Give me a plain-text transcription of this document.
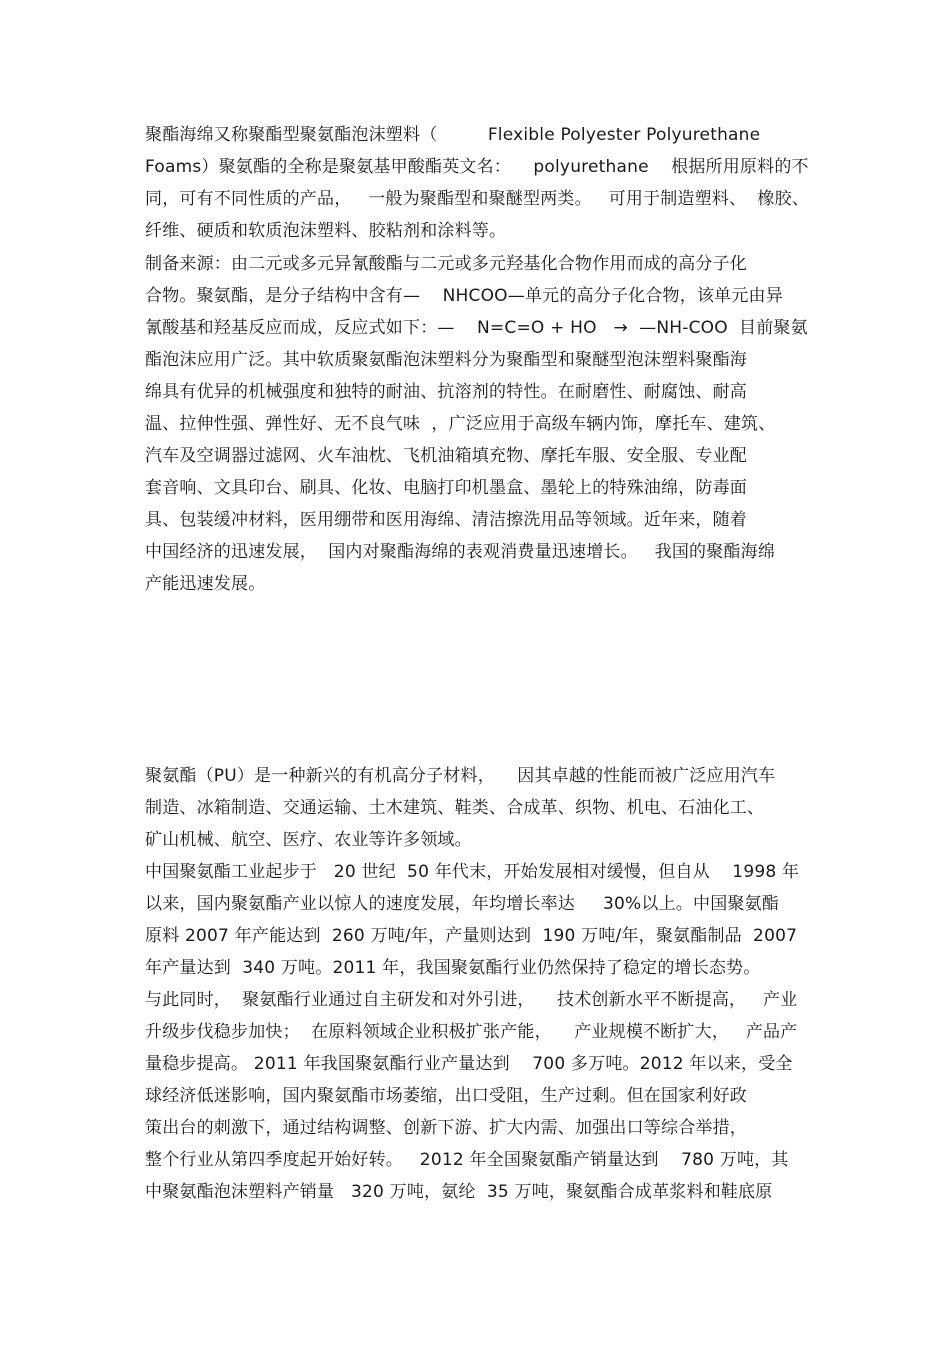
聚酯海绵又称聚酯型聚氨酯泡沫塑料（         Flexible Polyester Polyurethane
Foams）聚氨酯的全称是聚氨基甲酸酯英文名：    polyurethane    根据所用原料的不
同，可有不同性质的产品，   一般为聚酯型和聚醚型两类。   可用于制造塑料、  橡胶、
纤维、硬质和软质泡沫塑料、胶粘剂和涂料等。
制备来源：由二元或多元异氰酸酯与二元或多元羟基化合物作用而成的高分子化
合物。聚氨酯，是分子结构中含有—    NHCOO—单元的高分子化合物，该单元由异
氰酸基和羟基反应而成，反应式如下：—    N=C=O + HO   →  —NH-COO  目前聚氨
酯泡沫应用广泛。其中软质聚氨酯泡沫塑料分为聚酯型和聚醚型泡沫塑料聚酯海
绵具有优异的机械强度和独特的耐油、抗溶剂的特性。在耐磨性、耐腐蚀、耐高
温、拉伸性强、弹性好、无不良气味  ，广泛应用于高级车辆内饰，摩托车、建筑、
汽车及空调器过滤网、火车油枕、飞机油箱填充物、摩托车服、安全服、专业配
套音响、文具印台、刷具、化妆、电脑打印机墨盒、墨轮上的特殊油绵，防毒面
具、包装缓冲材料，医用绷带和医用海绵、清洁擦洗用品等领域。近年来，随着
中国经济的迅速发展，  国内对聚酯海绵的表观消费量迅速增长。   我国的聚酯海绵
产能迅速发展。
聚氨酯（PU）是一种新兴的有机高分子材料，    因其卓越的性能而被广泛应用汽车
制造、冰箱制造、交通运输、土木建筑、鞋类、合成革、织物、机电、石油化工、
矿山机械、航空、医疗、农业等许多领域。
中国聚氨酯工业起步于   20 世纪  50 年代末，开始发展相对缓慢，但自从    1998 年
以来，国内聚氨酯产业以惊人的速度发展，年均增长率达     30%以上。中国聚氨酯
原料 2007 年产能达到  260 万吨/年，产量则达到  190 万吨/年，聚氨酯制品  2007
年产量达到  340 万吨。2011 年，我国聚氨酯行业仍然保持了稳定的增长态势。
与此同时，  聚氨酯行业通过自主研发和对外引进，    技术创新水平不断提高，   产业
升级步伐稳步加快；  在原料领域企业积极扩张产能，    产业规模不断扩大，   产品产
量稳步提高。 2011 年我国聚氨酯行业产量达到    700 多万吨。2012 年以来，受全
球经济低迷影响，国内聚氨酯市场萎缩，出口受阻，生产过剩。但在国家利好政
策出台的刺激下，通过结构调整、创新下游、扩大内需、加强出口等综合举措，
整个行业从第四季度起开始好转。   2012 年全国聚氨酯产销量达到    780 万吨，其
中聚氨酯泡沫塑料产销量   320 万吨，氨纶  35 万吨，聚氨酯合成革浆料和鞋底原
